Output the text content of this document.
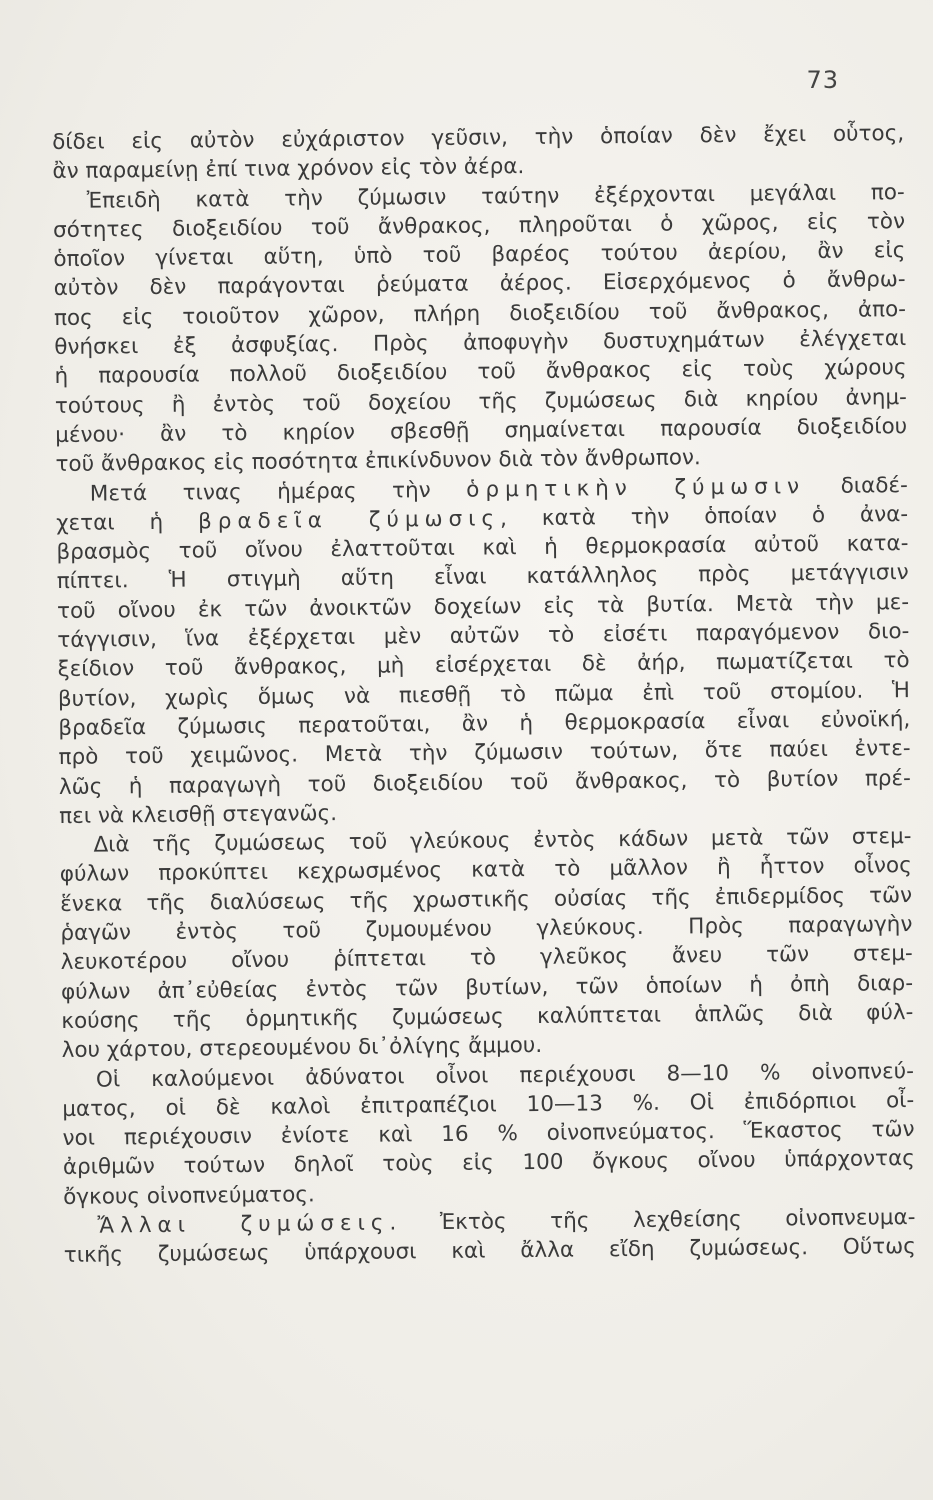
73
δίδει εἰς αὐτὸν εὐχάριστον γεῦσιν, τὴν ὁποίαν δὲν ἔχει οὗτος,
ἂν παραμείνῃ ἐπί τινα χρόνον εἰς τὸν ἀέρα.
Ἐπειδὴ κατὰ τὴν ζύμωσιν ταύτην ἐξέρχονται μεγάλαι πο-
σότητες διοξειδίου τοῦ ἄνθρακος, πληροῦται ὁ χῶρος, εἰς τὸν
ὁποῖον γίνεται αὕτη, ὑπὸ τοῦ βαρέος τούτου ἀερίου, ἂν εἰς
αὐτὸν δὲν παράγονται ῥεύματα ἀέρος. Εἰσερχόμενος ὁ ἄνθρω-
πος εἰς τοιοῦτον χῶρον, πλήρη διοξειδίου τοῦ ἄνθρακος, ἀπο-
θνήσκει ἐξ ἀσφυξίας. Πρὸς ἀποφυγὴν δυστυχημάτων ἐλέγχεται
ἡ παρουσία πολλοῦ διοξειδίου τοῦ ἄνθρακος εἰς τοὺς χώρους
τούτους ἢ ἐντὸς τοῦ δοχείου τῆς ζυμώσεως διὰ κηρίου ἀνημ-
μένου· ἂν τὸ κηρίον σβεσθῇ σημαίνεται παρουσία διοξειδίου
τοῦ ἄνθρακος εἰς ποσότητα ἐπικίνδυνον διὰ τὸν ἄνθρωπον.
Μετά τινας ἡμέρας τὴν ὁρμητικὴν ζύμωσιν διαδέ-
χεται ἡ βραδεῖα ζύμωσις, κατὰ τὴν ὁποίαν ὁ ἀνα-
βρασμὸς τοῦ οἴνου ἐλαττοῦται καὶ ἡ θερμοκρασία αὐτοῦ κατα-
πίπτει. Ἡ στιγμὴ αὕτη εἶναι κατάλληλος πρὸς μετάγγισιν
τοῦ οἴνου ἐκ τῶν ἀνοικτῶν δοχείων εἰς τὰ βυτία. Μετὰ τὴν με-
τάγγισιν, ἵνα ἐξέρχεται μὲν αὐτῶν τὸ εἰσέτι παραγόμενον διο-
ξείδιον τοῦ ἄνθρακος, μὴ εἰσέρχεται δὲ ἀήρ, πωματίζεται τὸ
βυτίον, χωρὶς ὅμως νὰ πιεσθῇ τὸ πῶμα ἐπὶ τοῦ στομίου. Ἡ
βραδεῖα ζύμωσις περατοῦται, ἂν ἡ θερμοκρασία εἶναι εὐνοϊκή,
πρὸ τοῦ χειμῶνος. Μετὰ τὴν ζύμωσιν τούτων, ὅτε παύει ἐντε-
λῶς ἡ παραγωγὴ τοῦ διοξειδίου τοῦ ἄνθρακος, τὸ βυτίον πρέ-
πει νὰ κλεισθῇ στεγανῶς.
Διὰ τῆς ζυμώσεως τοῦ γλεύκους ἐντὸς κάδων μετὰ τῶν στεμ-
φύλων προκύπτει κεχρωσμένος κατὰ τὸ μᾶλλον ἢ ἧττον οἶνος
ἕνεκα τῆς διαλύσεως τῆς χρωστικῆς οὐσίας τῆς ἐπιδερμίδος τῶν
ῥαγῶν ἐντὸς τοῦ ζυμουμένου γλεύκους. Πρὸς παραγωγὴν
λευκοτέρου οἴνου ῥίπτεται τὸ γλεῦκος ἄνευ τῶν στεμ-
φύλων ἀπ᾽εὐθείας ἐντὸς τῶν βυτίων, τῶν ὁποίων ἡ ὀπὴ διαρ-
κούσης τῆς ὁρμητικῆς ζυμώσεως καλύπτεται ἁπλῶς διὰ φύλ-
λου χάρτου, στερεουμένου δι᾽ὀλίγης ἄμμου.
Οἱ καλούμενοι ἀδύνατοι οἶνοι περιέχουσι 8—10 % οἰνοπνεύ-
ματος, οἱ δὲ καλοὶ ἐπιτραπέζιοι 10—13 %. Οἱ ἐπιδόρπιοι οἶ-
νοι περιέχουσιν ἐνίοτε καὶ 16 % οἰνοπνεύματος. Ἕκαστος τῶν
ἀριθμῶν τούτων δηλοῖ τοὺς εἰς 100 ὄγκους οἴνου ὑπάρχοντας
ὄγκους οἰνοπνεύματος.
Ἄλλαι ζυμώσεις. Ἐκτὸς τῆς λεχθείσης οἰνοπνευμα-
τικῆς ζυμώσεως ὑπάρχουσι καὶ ἄλλα εἴδη ζυμώσεως. Οὕτως
